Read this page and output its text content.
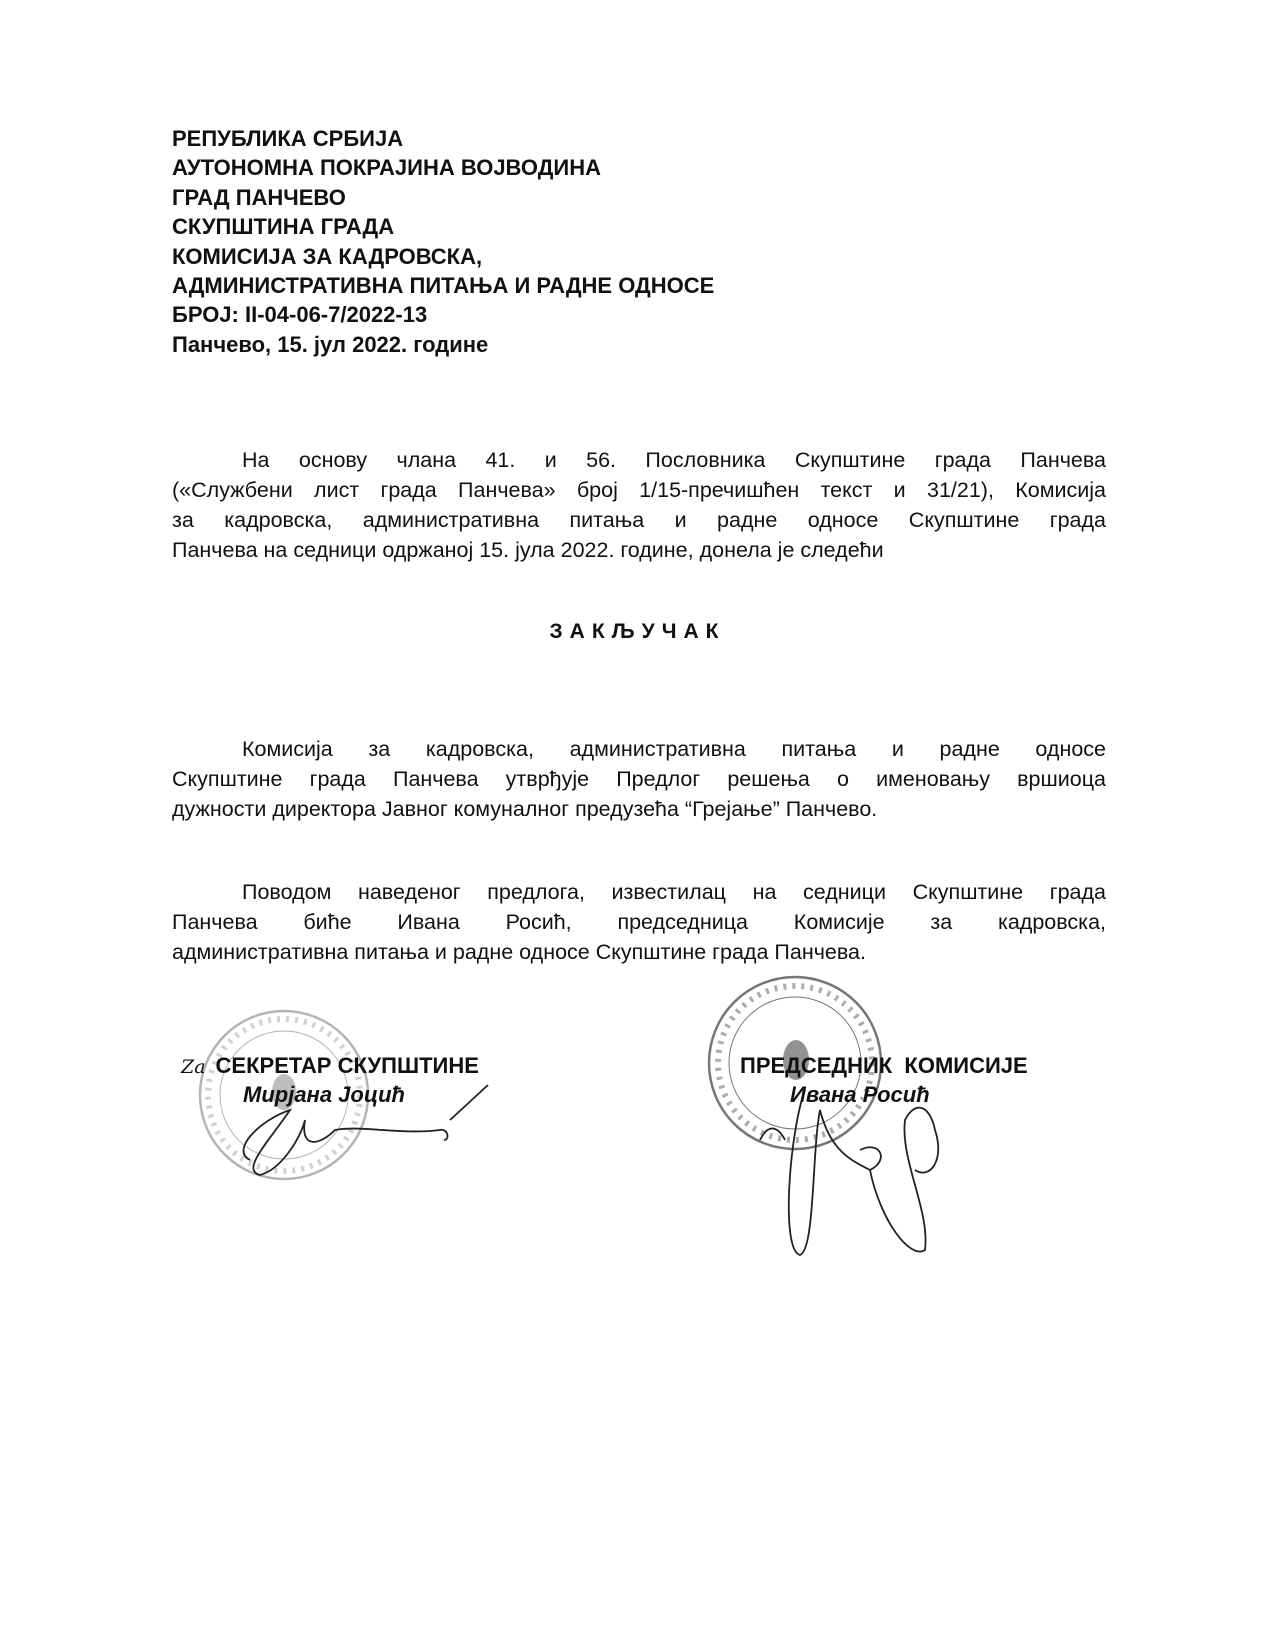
РЕПУБЛИКА СРБИЈА
АУТОНОМНА ПОКРАЈИНА ВОЈВОДИНА
ГРАД ПАНЧЕВО
СКУПШТИНА ГРАДА
КОМИСИЈА ЗА КАДРОВСКА,
АДМИНИСТРАТИВНА ПИТАЊА И РАДНЕ ОДНОСЕ
БРОЈ: II-04-06-7/2022-13
Панчево, 15. јул 2022. године
На основу члана 41. и 56. Пословника Скупштине града Панчева
(«Службени лист града Панчева» број 1/15-пречишћен текст и 31/21), Комисија
за кадровска, административна питања и радне односе Скупштине града
Панчева на седници одржаној 15. јула 2022. године, донела је следећи
ЗАКЉУЧАК
Комисија за кадровска, административна питања и радне односе
Скупштине града Панчева утврђује Предлог решења о именовању вршиоца
дужности директора Јавног комуналног предузећа “Грејање” Панчево.
Поводом наведеног предлога, известилац на седници Скупштине града
Панчева биће Ивана Росић, председница Комисије за кадровска,
административна питања и радне односе Скупштине града Панчева.
Za СЕКРЕТАР СКУПШТИНЕ
Мирјана Јоцић
ПРЕДСЕДНИК  КОМИСИЈЕ
Ивана Росић
